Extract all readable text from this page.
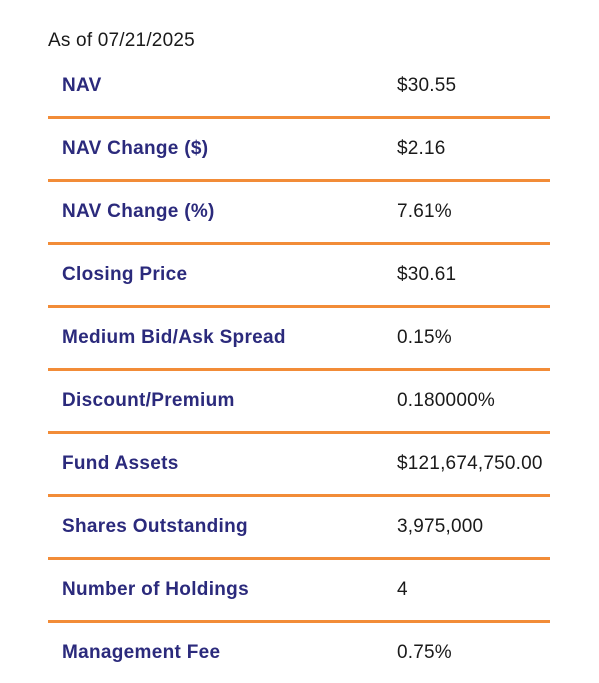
As of 07/21/2025
NAV	$30.55
NAV Change ($)	$2.16
NAV Change (%)	7.61%
Closing Price	$30.61
Medium Bid/Ask Spread	0.15%
Discount/Premium	0.180000%
Fund Assets	$121,674,750.00
Shares Outstanding	3,975,000
Number of Holdings	4
Management Fee	0.75%
